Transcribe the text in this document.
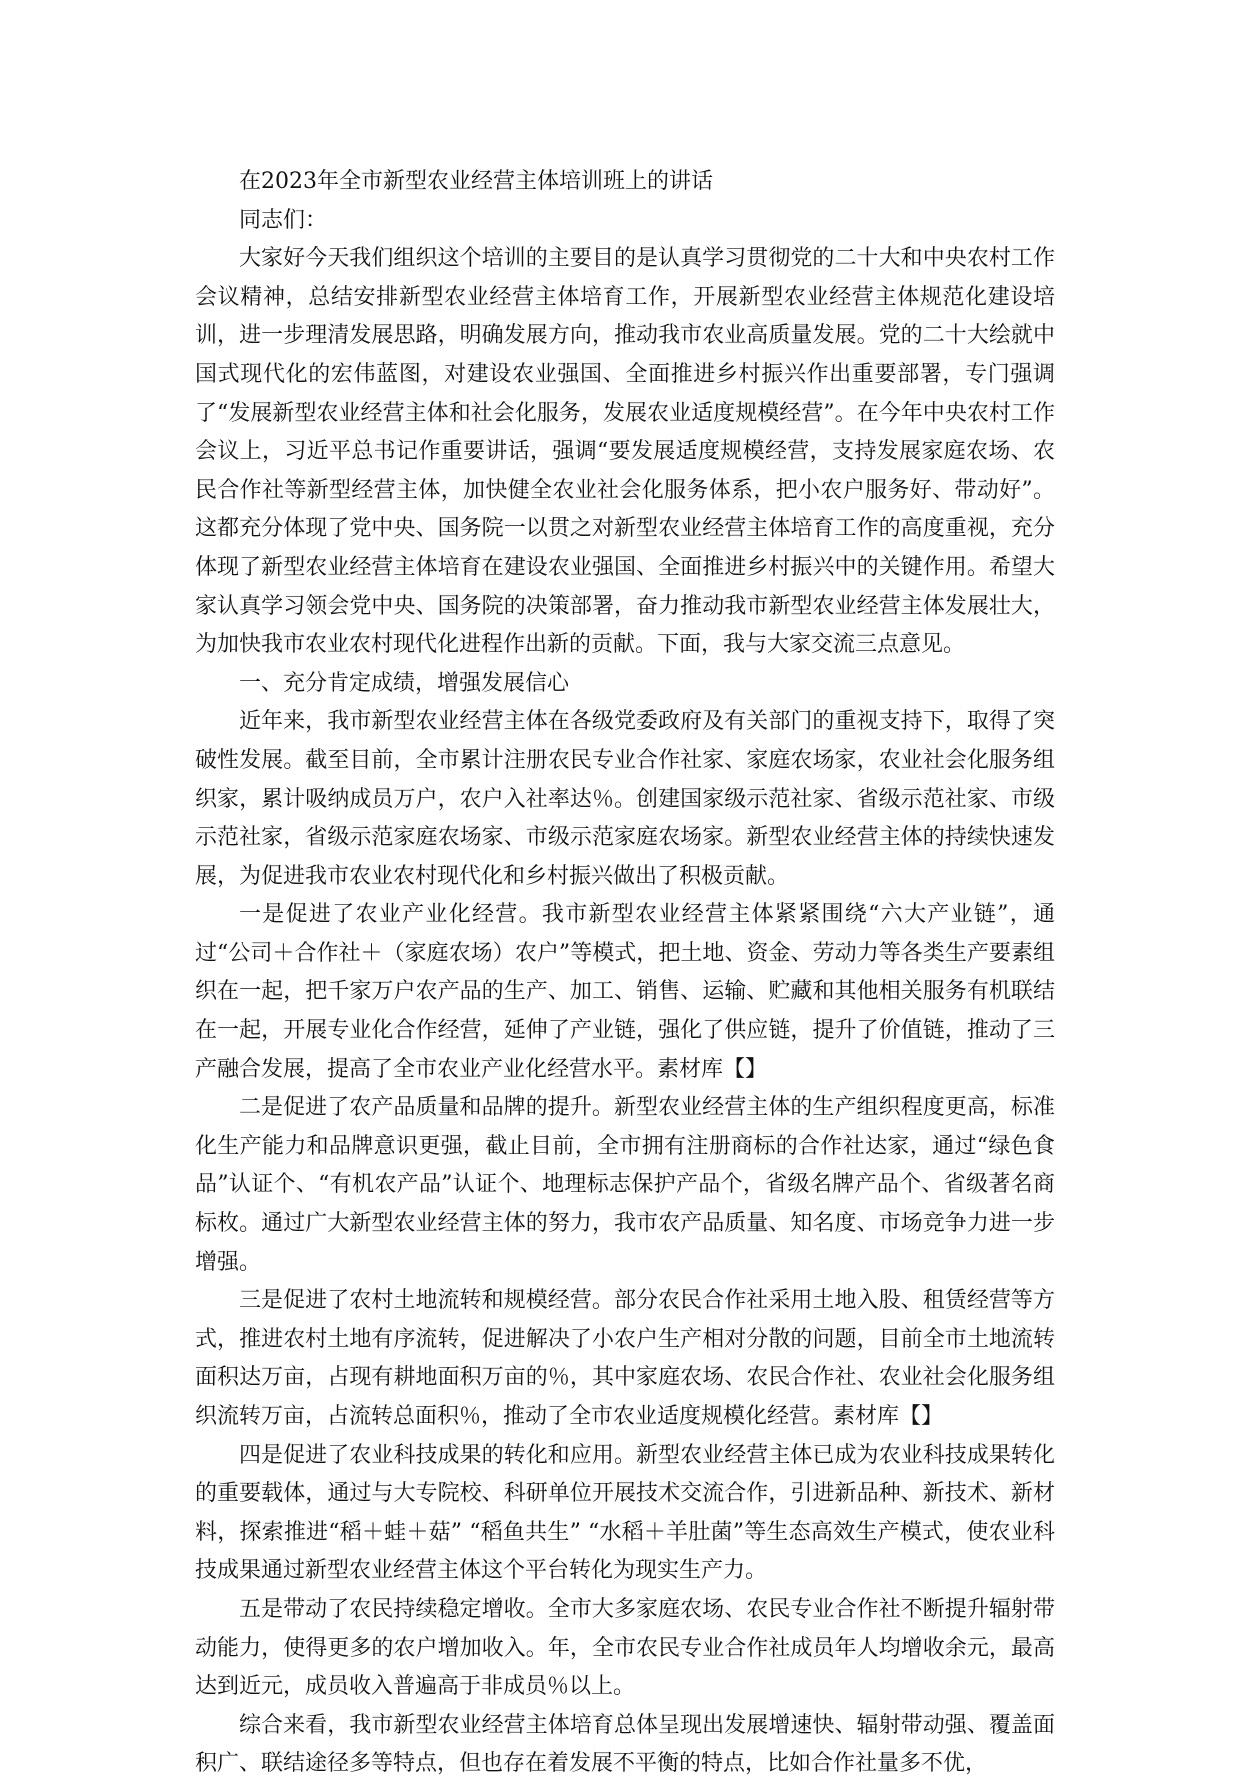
在2023年全市新型农业经营主体培训班上的讲话

同志们：

大家好今天我们组织这个培训的主要目的是认真学习贯彻党的二十大和中央农村工作会议精神，总结安排新型农业经营主体培育工作，开展新型农业经营主体规范化建设培训，进一步理清发展思路，明确发展方向，推动我市农业高质量发展。党的二十大绘就中国式现代化的宏伟蓝图，对建设农业强国、全面推进乡村振兴作出重要部署，专门强调了“发展新型农业经营主体和社会化服务，发展农业适度规模经营”。在今年中央农村工作会议上，习近平总书记作重要讲话，强调“要发展适度规模经营，支持发展家庭农场、农民合作社等新型经营主体，加快健全农业社会化服务体系，把小农户服务好、带动好”。这都充分体现了党中央、国务院一以贯之对新型农业经营主体培育工作的高度重视，充分体现了新型农业经营主体培育在建设农业强国、全面推进乡村振兴中的关键作用。希望大家认真学习领会党中央、国务院的决策部署，奋力推动我市新型农业经营主体发展壮大，为加快我市农业农村现代化进程作出新的贡献。下面，我与大家交流三点意见。

一、充分肯定成绩，增强发展信心

近年来，我市新型农业经营主体在各级党委政府及有关部门的重视支持下，取得了突破性发展。截至目前，全市累计注册农民专业合作社家、家庭农场家，农业社会化服务组织家，累计吸纳成员万户，农户入社率达％。创建国家级示范社家、省级示范社家、市级示范社家，省级示范家庭农场家、市级示范家庭农场家。新型农业经营主体的持续快速发展，为促进我市农业农村现代化和乡村振兴做出了积极贡献。

一是促进了农业产业化经营。我市新型农业经营主体紧紧围绕“六大产业链”，通过“公司＋合作社＋（家庭农场）农户”等模式，把土地、资金、劳动力等各类生产要素组织在一起，把千家万户农产品的生产、加工、销售、运输、贮藏和其他相关服务有机联结在一起，开展专业化合作经营，延伸了产业链，强化了供应链，提升了价值链，推动了三产融合发展，提高了全市农业产业化经营水平。素材库【】

二是促进了农产品质量和品牌的提升。新型农业经营主体的生产组织程度更高，标准化生产能力和品牌意识更强，截止目前，全市拥有注册商标的合作社达家，通过“绿色食品”认证个、“有机农产品”认证个、地理标志保护产品个，省级名牌产品个、省级著名商标枚。通过广大新型农业经营主体的努力，我市农产品质量、知名度、市场竞争力进一步增强。

三是促进了农村土地流转和规模经营。部分农民合作社采用土地入股、租赁经营等方式，推进农村土地有序流转，促进解决了小农户生产相对分散的问题，目前全市土地流转面积达万亩，占现有耕地面积万亩的％，其中家庭农场、农民合作社、农业社会化服务组织流转万亩，占流转总面积％，推动了全市农业适度规模化经营。素材库【】

四是促进了农业科技成果的转化和应用。新型农业经营主体已成为农业科技成果转化的重要载体，通过与大专院校、科研单位开展技术交流合作，引进新品种、新技术、新材料，探索推进“稻＋蛙＋菇” “稻鱼共生” “水稻＋羊肚菌”等生态高效生产模式，使农业科技成果通过新型农业经营主体这个平台转化为现实生产力。

五是带动了农民持续稳定增收。全市大多家庭农场、农民专业合作社不断提升辐射带动能力，使得更多的农户增加收入。年，全市农民专业合作社成员年人均增收余元，最高达到近元，成员收入普遍高于非成员％以上。

综合来看，我市新型农业经营主体培育总体呈现出发展增速快、辐射带动强、覆盖面积广、联结途径多等特点，但也存在着发展不平衡的特点，比如合作社量多不优，
